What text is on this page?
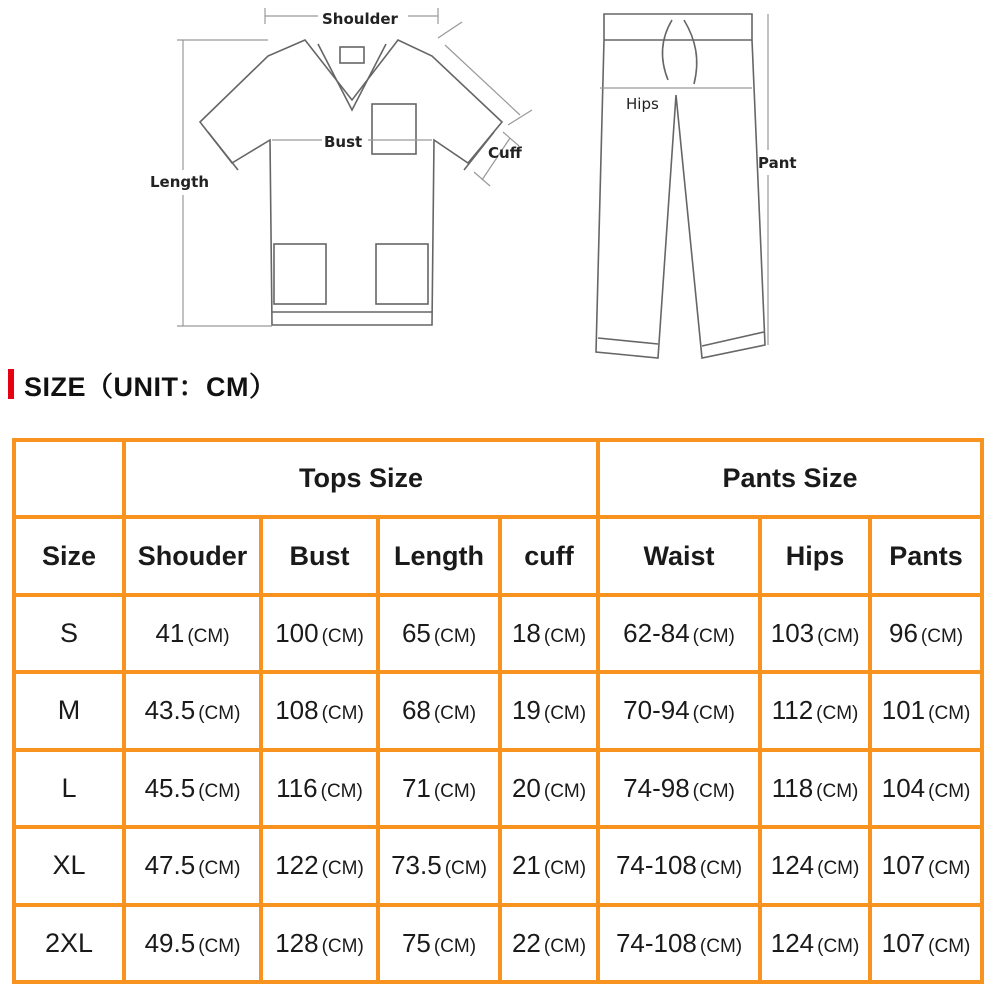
Shoulder
Bust
Cuff
Length
Hips
Pant
SIZE（UNIT：CM）
	Tops Size				Pants Size		
Size	Shouder	Bust	Length	cuff	Waist	Hips	Pants
S	41 (CM)	100 (CM)	65 (CM)	18 (CM)	62-84 (CM)	103 (CM)	96 (CM)
M	43.5 (CM)	108 (CM)	68 (CM)	19 (CM)	70-94 (CM)	112 (CM)	101 (CM)
L	45.5 (CM)	116 (CM)	71 (CM)	20 (CM)	74-98 (CM)	118 (CM)	104 (CM)
XL	47.5 (CM)	122 (CM)	73.5 (CM)	21 (CM)	74-108 (CM)	124 (CM)	107 (CM)
2XL	49.5 (CM)	128 (CM)	75 (CM)	22 (CM)	74-108 (CM)	124 (CM)	107 (CM)
